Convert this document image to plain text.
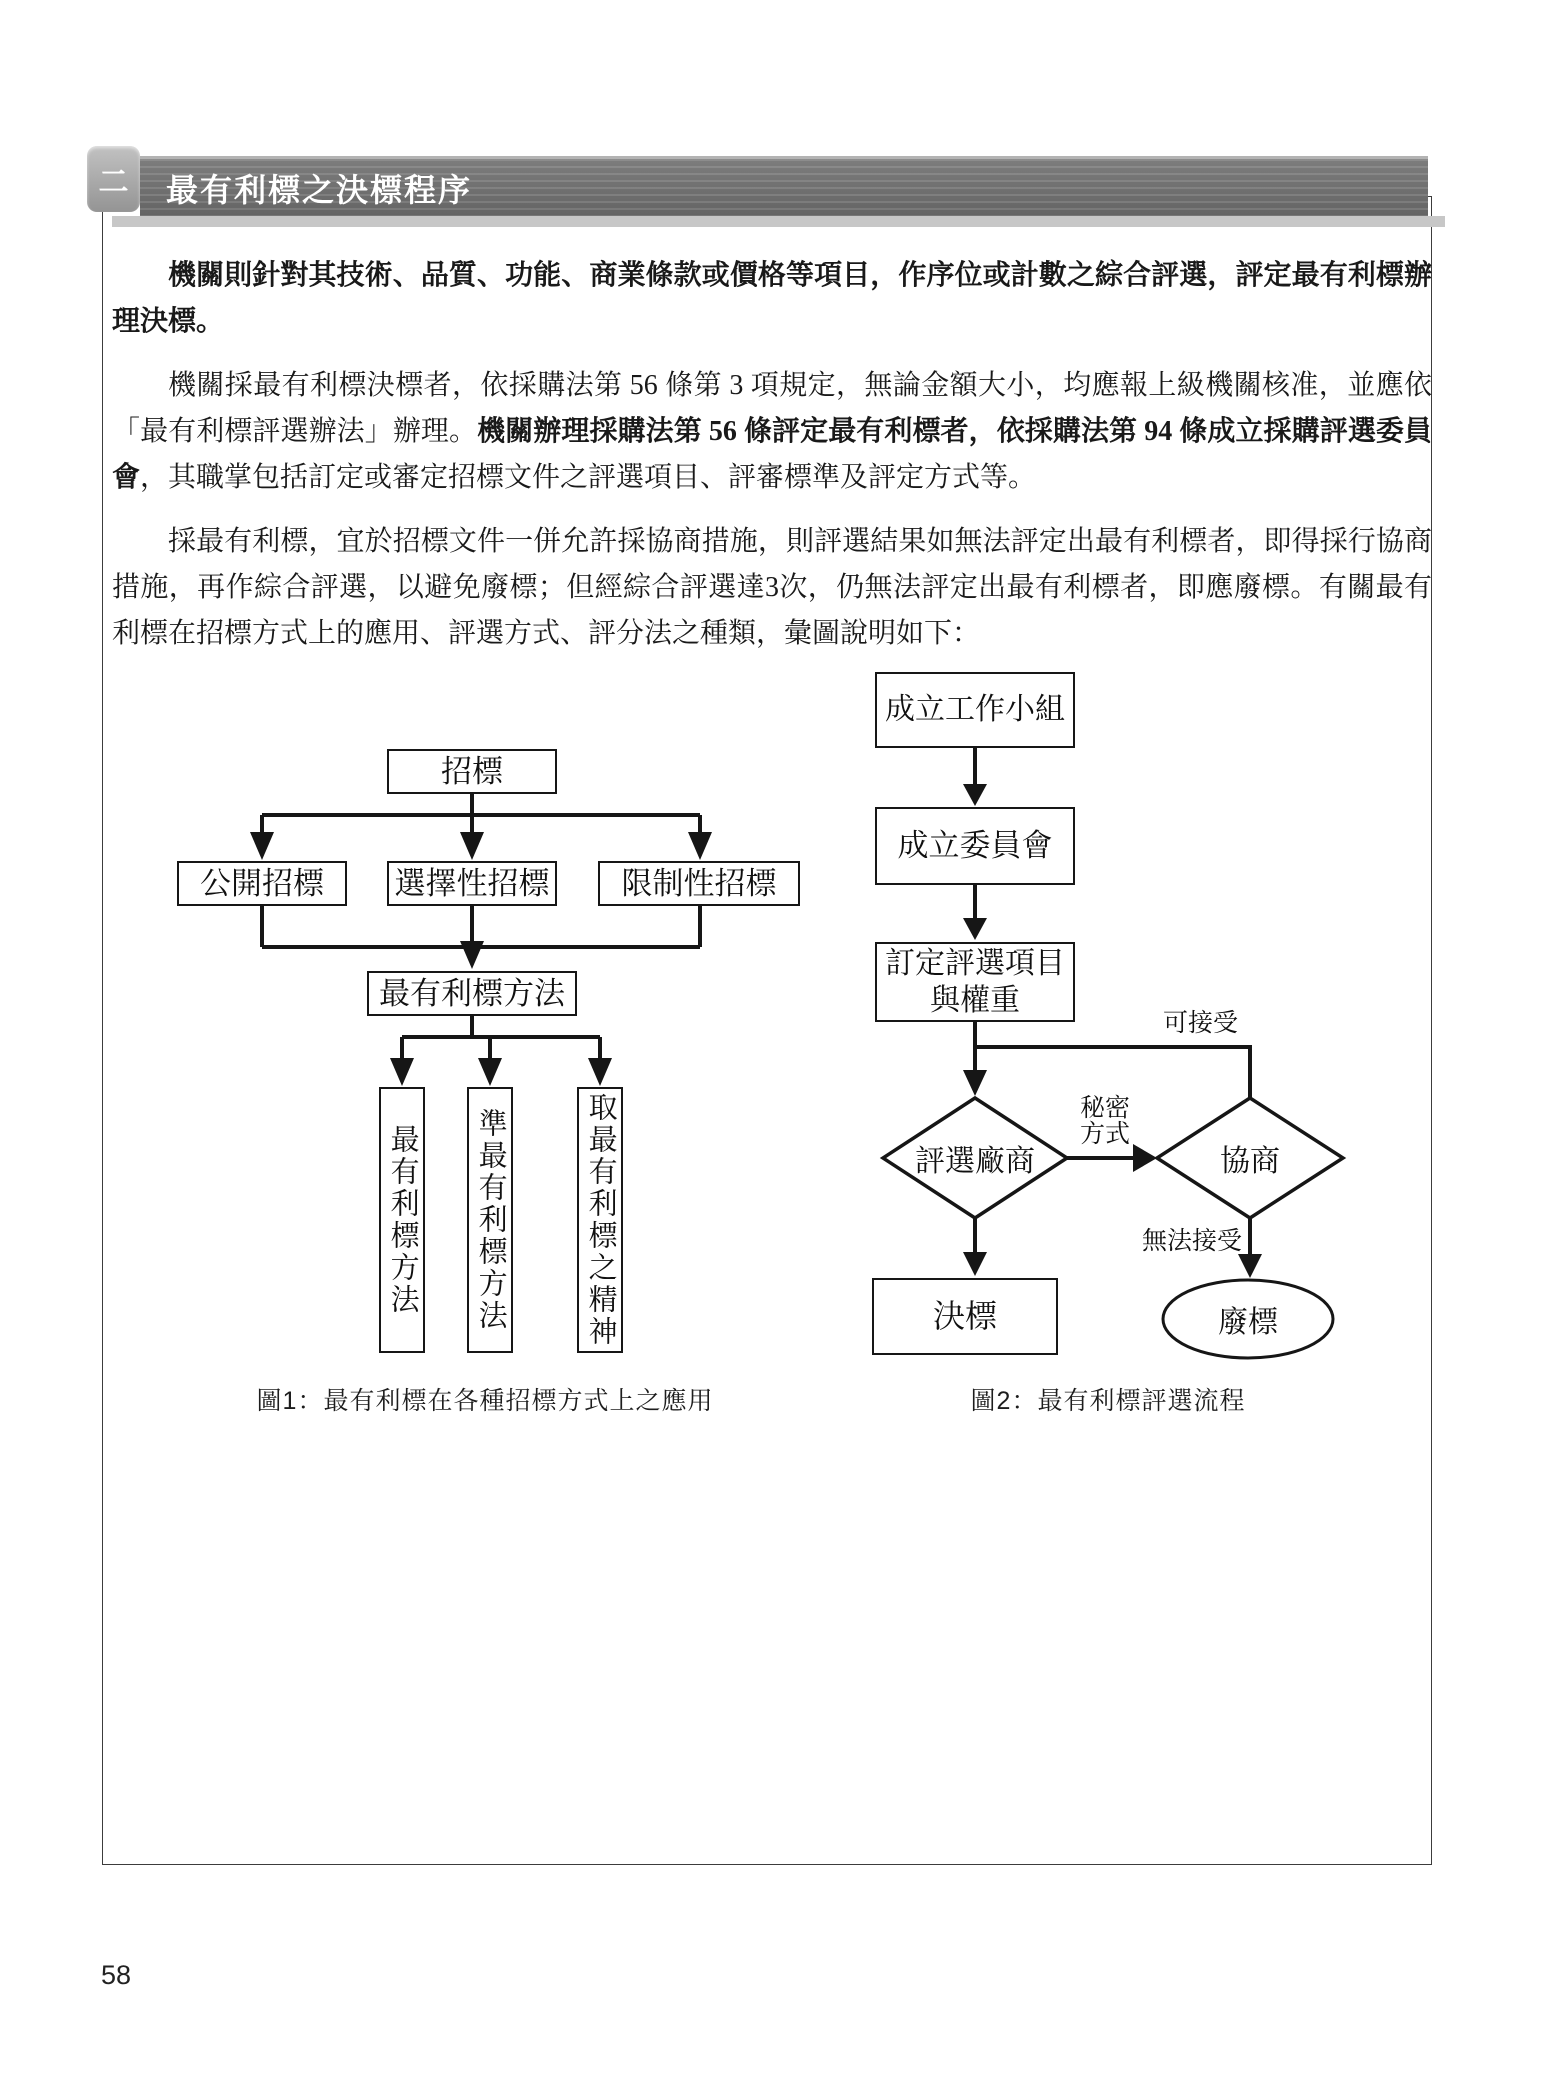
最有利標之決標程序
二

機關則針對其技術、品質、功能、商業條款或價格等項目，作序位或計數之綜合評選，評定最有利標辦理決標。

機關採最有利標決標者，依採購法第 56 條第 3 項規定，無論金額大小，均應報上級機關核准，並應依「最有利標評選辦法」辦理。機關辦理採購法第 56 條評定最有利標者，依採購法第 94 條成立採購評選委員會，其職掌包括訂定或審定招標文件之評選項目、評審標準及評定方式等。

採最有利標，宜於招標文件一併允許採協商措施，則評選結果如無法評定出最有利標者，即得採行協商措施，再作綜合評選，以避免廢標；但經綜合評選達3次，仍無法評定出最有利標者，即應廢標。有關最有利標在招標方式上的應用、評選方式、評分法之種類，彙圖說明如下：

招標
公開招標 選擇性招標 限制性招標
最有利標方法
最有利標方法 準最有利標方法	取最有利標之精神
圖1：最有利標在各種招標方式上之應用
成立工作小組
成立委員會
訂定評選項目
與權重
評選廠商	協商
決標	廢標
可接受
秘密
方式
無法接受
圖2：最有利標評選流程
58
